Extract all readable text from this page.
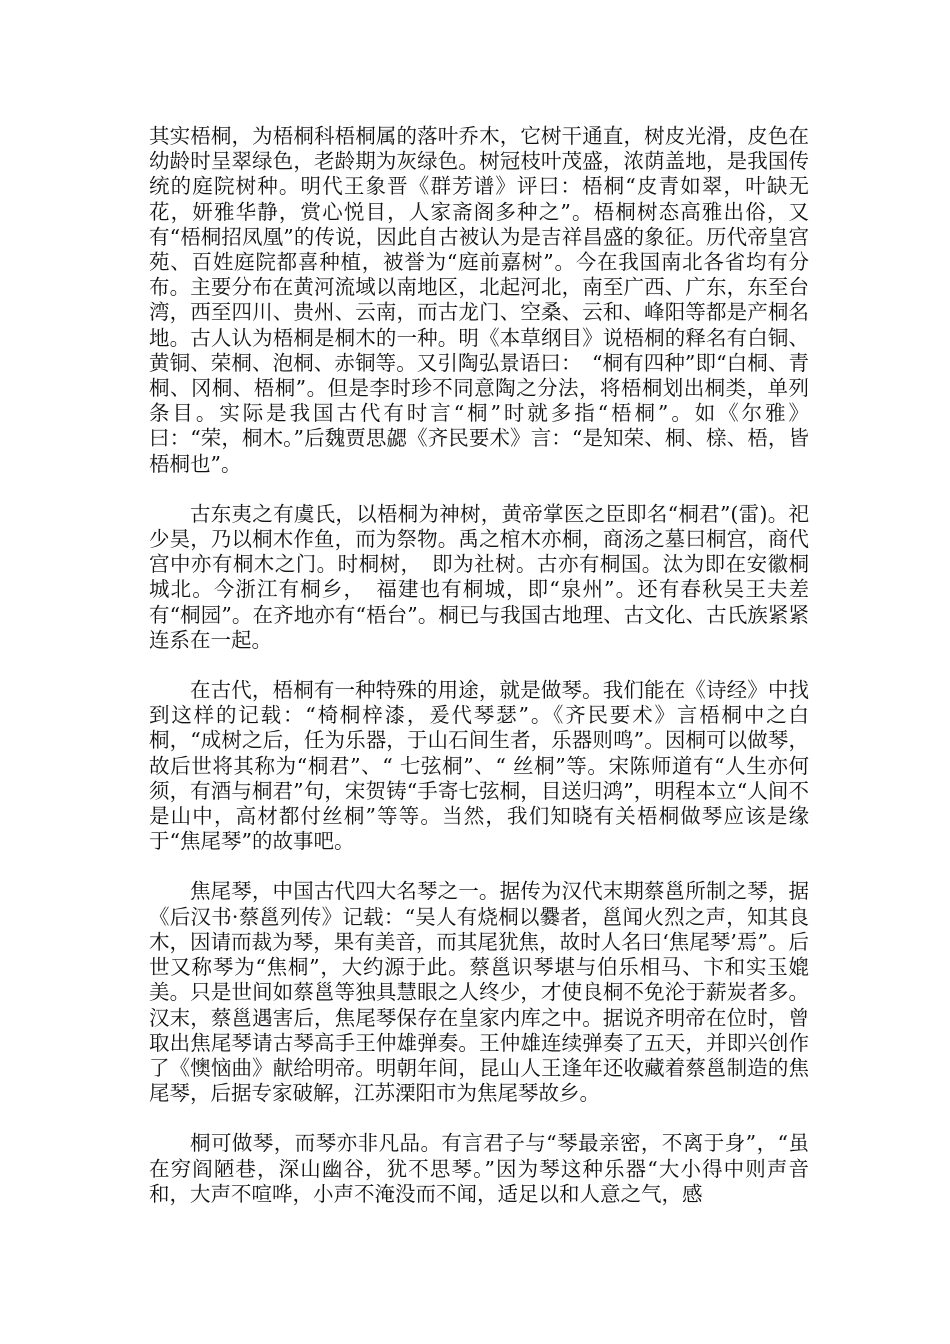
其实梧桐，为梧桐科梧桐属的落叶乔木，它树干通直，树皮光滑，皮色在幼龄时呈翠绿色，老龄期为灰绿色。树冠枝叶茂盛，浓荫盖地，是我国传统的庭院树种。明代王象晋《群芳谱》评曰：梧桐“皮青如翠，叶缺无花，妍雅华静，赏心悦目，人家斋阁多种之”。梧桐树态高雅出俗，又有“梧桐招凤凰”的传说，因此自古被认为是吉祥昌盛的象征。历代帝皇宫苑、百姓庭院都喜种植，被誉为“庭前嘉树”。今在我国南北各省均有分布。主要分布在黄河流域以南地区，北起河北，南至广西、广东，东至台湾，西至四川、贵州、云南，而古龙门、空桑、云和、峰阳等都是产桐名地。古人认为梧桐是桐木的一种。明《本草纲目》说梧桐的释名有白铜、黄铜、荣桐、泡桐、赤铜等。又引陶弘景语曰：　“桐有四种”即“白桐、青桐、冈桐、梧桐”。但是李时珍不同意陶之分法，将梧桐划出桐类，单列条目。实际是我国古代有时言“桐”时就多指“梧桐”。如《尔雅》曰：“荣，桐木。”后魏贾思勰《齐民要术》言：“是知荣、桐、榇、梧，皆梧桐也”。

古东夷之有虞氏，以梧桐为神树，黄帝掌医之臣即名“桐君”(雷)。祀少昊，乃以桐木作鱼，而为祭物。禹之棺木亦桐，商汤之墓曰桐宫，商代宫中亦有桐木之门。时桐树，　即为社树。古亦有桐国。汰为即在安徽桐城北。今浙江有桐乡，　福建也有桐城，即“泉州”。还有春秋吴王夫差有“桐园”。在齐地亦有“梧台”。桐已与我国古地理、古文化、古氏族紧紧连系在一起。

在古代，梧桐有一种特殊的用途，就是做琴。我们能在《诗经》中找到这样的记载：“椅桐梓漆，爰代琴瑟”。《齐民要术》言梧桐中之白桐，“成树之后，任为乐器，于山石间生者，乐器则鸣”。因桐可以做琴，故后世将其称为“桐君”、“ 七弦桐”、“ 丝桐”等。宋陈师道有“人生亦何须，有酒与桐君”句，宋贺铸“手寄七弦桐，目送归鸿”，明程本立“人间不是山中，高材都付丝桐”等等。当然，我们知晓有关梧桐做琴应该是缘于“焦尾琴”的故事吧。

焦尾琴，中国古代四大名琴之一。据传为汉代末期蔡邕所制之琴，据《后汉书·蔡邕列传》记载：“吴人有烧桐以爨者，邕闻火烈之声，知其良木，因请而裁为琴，果有美音，而其尾犹焦，故时人名曰‘焦尾琴’焉”。后世又称琴为“焦桐”，大约源于此。蔡邕识琴堪与伯乐相马、卞和实玉媲美。只是世间如蔡邕等独具慧眼之人终少，才使良桐不免沦于薪炭者多。汉末，蔡邕遇害后，焦尾琴保存在皇家内库之中。据说齐明帝在位时，曾取出焦尾琴请古琴高手王仲雄弹奏。王仲雄连续弹奏了五天，并即兴创作了《懊恼曲》献给明帝。明朝年间，昆山人王逢年还收藏着蔡邕制造的焦尾琴，后据专家破解，江苏溧阳市为焦尾琴故乡。

桐可做琴，而琴亦非凡品。有言君子与“琴最亲密，不离于身”，“虽在穷阎陋巷，深山幽谷，犹不思琴。”因为琴这种乐器“大小得中则声音和，大声不喧哗，小声不淹没而不闻，适足以和人意之气，感
